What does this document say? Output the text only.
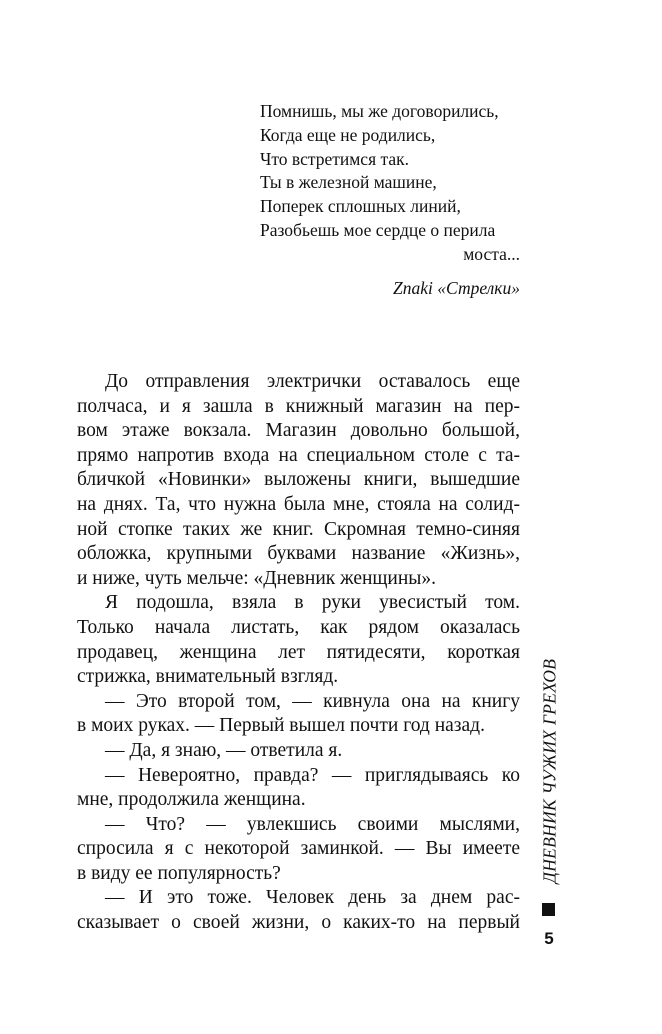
Помнишь, мы же договорились,
Когда еще не родились,
Что встретимся так.
Ты в железной машине,
Поперек сплошных линий,
Разобьешь мое сердце о перила
моста...
Znaki «Стрелки»
До отправления электрички оставалось еще
полчаса, и я зашла в книжный магазин на пер-
вом этаже вокзала. Магазин довольно большой,
прямо напротив входа на специальном столе с та-
бличкой «Новинки» выложены книги, вышедшие
на днях. Та, что нужна была мне, стояла на солид-
ной стопке таких же книг. Скромная темно-синяя
обложка, крупными буквами название «Жизнь»,
и ниже, чуть мельче: «Дневник женщины».
Я подошла, взяла в руки увесистый том.
Только начала листать, как рядом оказалась
продавец, женщина лет пятидесяти, короткая
стрижка, внимательный взгляд.
— Это второй том, — кивнула она на книгу
в моих руках. — Первый вышел почти год назад.
— Да, я знаю, — ответила я.
— Невероятно, правда? — приглядываясь ко
мне, продолжила женщина.
— Что? — увлекшись своими мыслями,
спросила я с некоторой заминкой. — Вы имеете
в виду ее популярность?
— И это тоже. Человек день за днем рас-
сказывает о своей жизни, о каких-то на первый
ДНЕВНИК ЧУЖИХ ГРЕХОВ
5
